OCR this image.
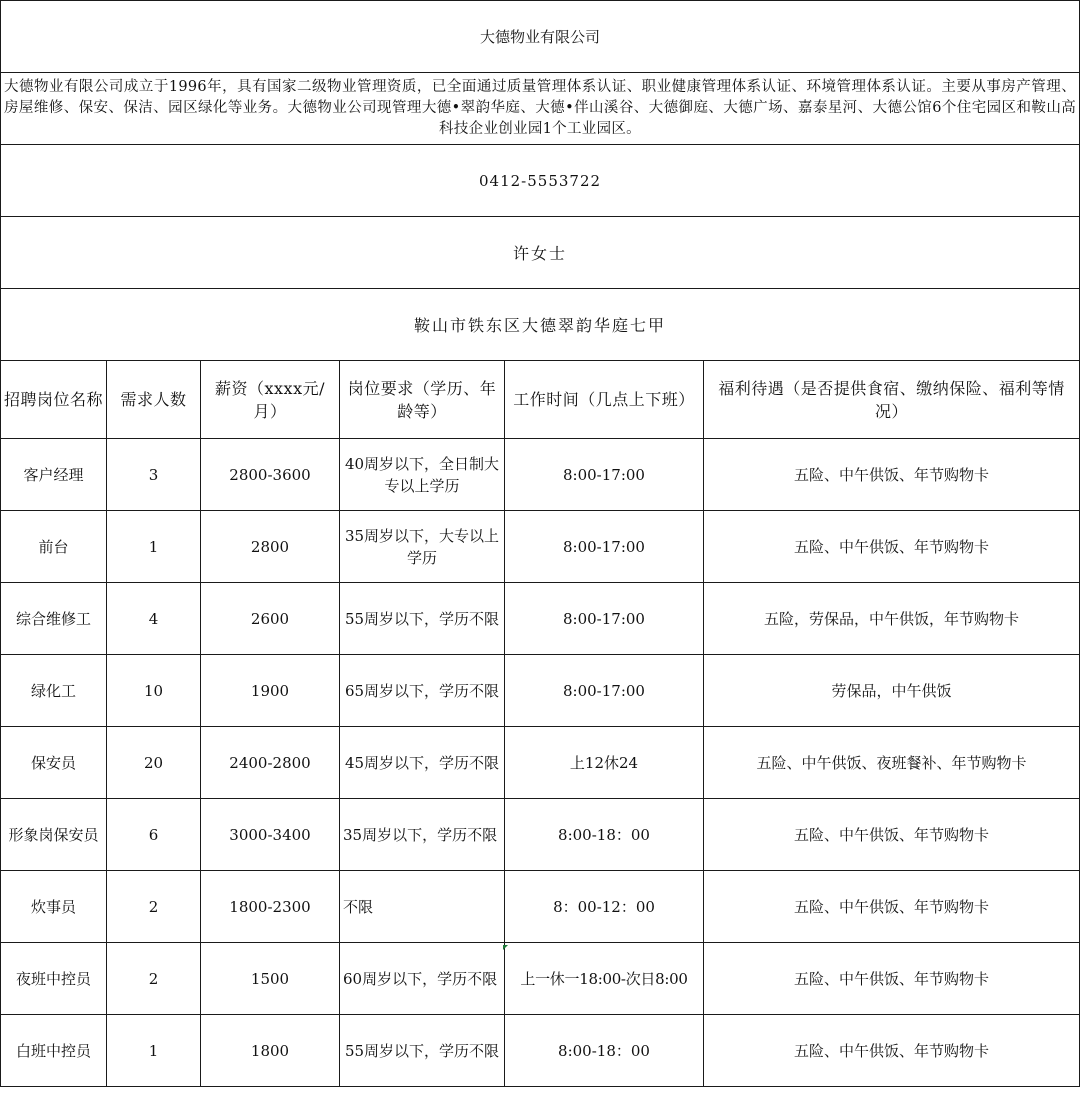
大德物业有限公司					
大德物业有限公司成立于1996年，具有国家二级物业管理资质，已全面通过质量管理体系认证、职业健康管理体系认证、环境管理体系认证。主要从事房产管理、房屋维修、保安、保洁、园区绿化等业务。大德物业公司现管理大德•翠韵华庭、大德•伴山溪谷、大德御庭、大德广场、嘉泰星河、大德公馆6个住宅园区和鞍山高科技企业创业园1个工业园区。					
0412-5553722					
许女士					
鞍山市铁东区大德翠韵华庭七甲					
招聘岗位名称	需求人数	薪资（xxxx元/月）	岗位要求（学历、年龄等）	工作时间（几点上下班）	福利待遇（是否提供食宿、缴纳保险、福利等情况）
客户经理	3	2800-3600	40周岁以下，全日制大专以上学历	8:00-17:00	五险、中午供饭、年节购物卡
前台	1	2800	35周岁以下，大专以上学历	8:00-17:00	五险、中午供饭、年节购物卡
综合维修工	4	2600	55周岁以下，学历不限	8:00-17:00	五险，劳保品，中午供饭，年节购物卡
绿化工	10	1900	65周岁以下，学历不限	8:00-17:00	劳保品，中午供饭
保安员	20	2400-2800	45周岁以下，学历不限	上12休24	五险、中午供饭、夜班餐补、年节购物卡
形象岗保安员	6	3000-3400	35周岁以下，学历不限	8:00-18：00	五险、中午供饭、年节购物卡
炊事员	2	1800-2300	不限	8：00-12：00	五险、中午供饭、年节购物卡
夜班中控员	2	1500	60周岁以下，学历不限	上一休一18:00-次日8:00	五险、中午供饭、年节购物卡
白班中控员	1	1800	55周岁以下，学历不限	8:00-18：00	五险、中午供饭、年节购物卡
